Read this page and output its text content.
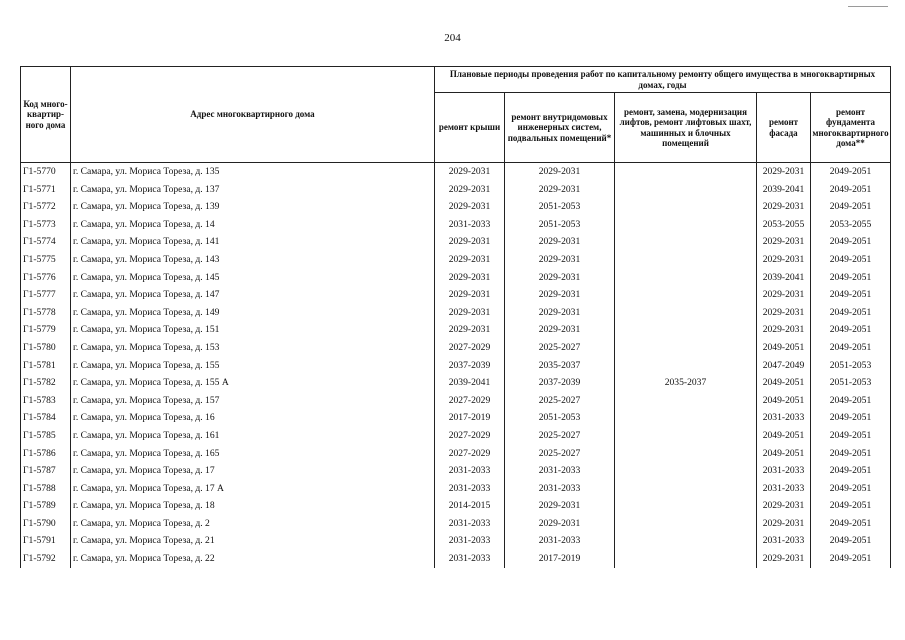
204
Код много-квартир-ного дома	Адрес многоквартирного дома	Плановые периоды проведения работ по капитальному ремонту общего имущества в многоквартирных домах, годы				
		ремонт крыши	ремонт внутридомовых инженерных систем, подвальных помещений*	ремонт, замена, модернизация лифтов, ремонт лифтовых шахт, машинных и блочных помещений	ремонт фасада	ремонт фундамента многоквартирного дома**
Г1-5770	г. Самара, ул. Мориса Тореза, д. 135	2029-2031	2029-2031		2029-2031	2049-2051
Г1-5771	г. Самара, ул. Мориса Тореза, д. 137	2029-2031	2029-2031		2039-2041	2049-2051
Г1-5772	г. Самара, ул. Мориса Тореза, д. 139	2029-2031	2051-2053		2029-2031	2049-2051
Г1-5773	г. Самара, ул. Мориса Тореза, д. 14	2031-2033	2051-2053		2053-2055	2053-2055
Г1-5774	г. Самара, ул. Мориса Тореза, д. 141	2029-2031	2029-2031		2029-2031	2049-2051
Г1-5775	г. Самара, ул. Мориса Тореза, д. 143	2029-2031	2029-2031		2029-2031	2049-2051
Г1-5776	г. Самара, ул. Мориса Тореза, д. 145	2029-2031	2029-2031		2039-2041	2049-2051
Г1-5777	г. Самара, ул. Мориса Тореза, д. 147	2029-2031	2029-2031		2029-2031	2049-2051
Г1-5778	г. Самара, ул. Мориса Тореза, д. 149	2029-2031	2029-2031		2029-2031	2049-2051
Г1-5779	г. Самара, ул. Мориса Тореза, д. 151	2029-2031	2029-2031		2029-2031	2049-2051
Г1-5780	г. Самара, ул. Мориса Тореза, д. 153	2027-2029	2025-2027		2049-2051	2049-2051
Г1-5781	г. Самара, ул. Мориса Тореза, д. 155	2037-2039	2035-2037		2047-2049	2051-2053
Г1-5782	г. Самара, ул. Мориса Тореза, д. 155 А	2039-2041	2037-2039	2035-2037	2049-2051	2051-2053
Г1-5783	г. Самара, ул. Мориса Тореза, д. 157	2027-2029	2025-2027		2049-2051	2049-2051
Г1-5784	г. Самара, ул. Мориса Тореза, д. 16	2017-2019	2051-2053		2031-2033	2049-2051
Г1-5785	г. Самара, ул. Мориса Тореза, д. 161	2027-2029	2025-2027		2049-2051	2049-2051
Г1-5786	г. Самара, ул. Мориса Тореза, д. 165	2027-2029	2025-2027		2049-2051	2049-2051
Г1-5787	г. Самара, ул. Мориса Тореза, д. 17	2031-2033	2031-2033		2031-2033	2049-2051
Г1-5788	г. Самара, ул. Мориса Тореза, д. 17 А	2031-2033	2031-2033		2031-2033	2049-2051
Г1-5789	г. Самара, ул. Мориса Тореза, д. 18	2014-2015	2029-2031		2029-2031	2049-2051
Г1-5790	г. Самара, ул. Мориса Тореза, д. 2	2031-2033	2029-2031		2029-2031	2049-2051
Г1-5791	г. Самара, ул. Мориса Тореза, д. 21	2031-2033	2031-2033		2031-2033	2049-2051
Г1-5792	г. Самара, ул. Мориса Тореза, д. 22	2031-2033	2017-2019		2029-2031	2049-2051
